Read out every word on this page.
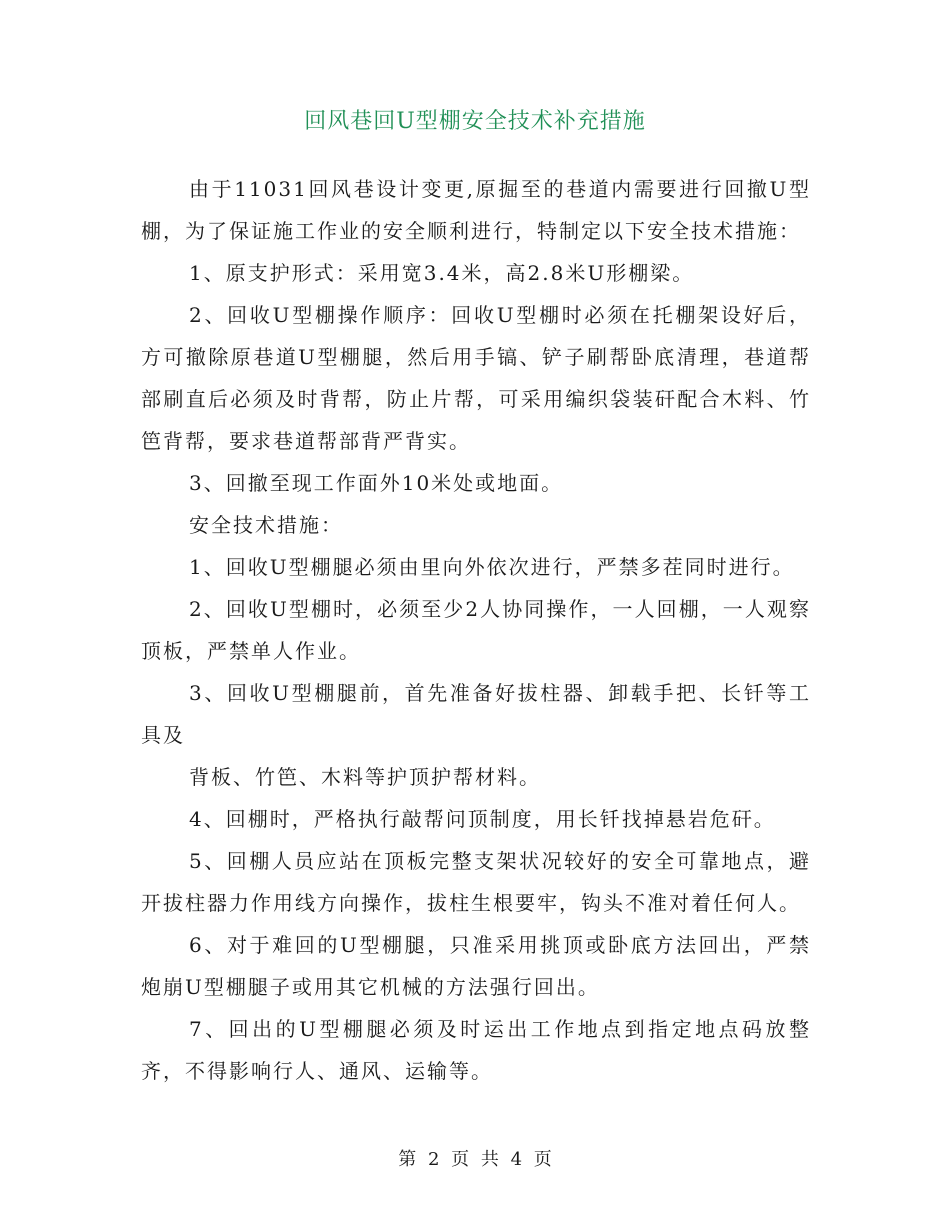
回风巷回U型棚安全技术补充措施

由于11031回风巷设计变更,原掘至的巷道内需要进行回撤U型棚，为了保证施工作业的安全顺利进行，特制定以下安全技术措施：

1、原支护形式：采用宽3.4米，高2.8米U形棚梁。

2、回收U型棚操作顺序：回收U型棚时必须在托棚架设好后，方可撤除原巷道U型棚腿，然后用手镐、铲子刷帮卧底清理，巷道帮部刷直后必须及时背帮，防止片帮，可采用编织袋装矸配合木料、竹笆背帮，要求巷道帮部背严背实。

3、回撤至现工作面外10米处或地面。

安全技术措施：

1、回收U型棚腿必须由里向外依次进行，严禁多茬同时进行。

2、回收U型棚时，必须至少2人协同操作，一人回棚，一人观察顶板，严禁单人作业。

3、回收U型棚腿前，首先准备好拔柱器、卸载手把、长钎等工具及

背板、竹笆、木料等护顶护帮材料。

4、回棚时，严格执行敲帮问顶制度，用长钎找掉悬岩危矸。

5、回棚人员应站在顶板完整支架状况较好的安全可靠地点，避开拔柱器力作用线方向操作，拔柱生根要牢，钩头不准对着任何人。

6、对于难回的U型棚腿，只准采用挑顶或卧底方法回出，严禁炮崩U型棚腿子或用其它机械的方法强行回出。

7、回出的U型棚腿必须及时运出工作地点到指定地点码放整齐，不得影响行人、通风、运输等。

第 2 页 共 4 页
